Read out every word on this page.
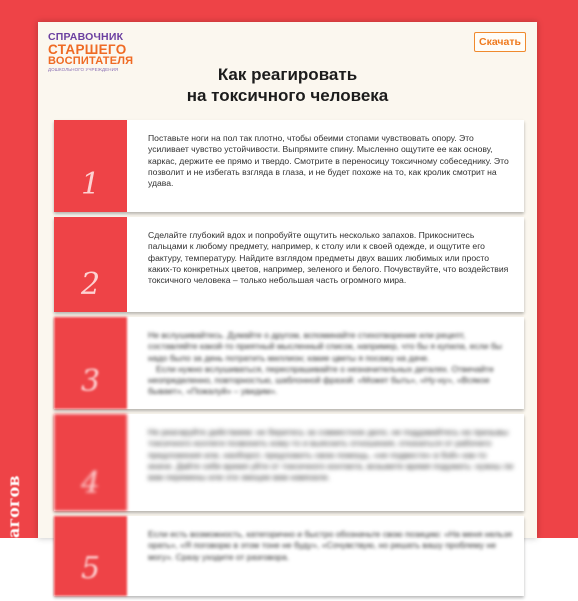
агогов
СПРАВОЧНИК
СТАРШЕГО
ВОСПИТАТЕЛЯ
ДОШКОЛЬНОГО УЧРЕЖДЕНИЯ
Скачать
Как реагировать
на токсичного человека
1

Поставьте ноги на пол так плотно, чтобы обеими стопами чувствовать опору. Это усиливает чувство устойчивости. Выпрямите спину. Мысленно ощутите ее как основу, каркас, держите ее прямо и твердо. Смотрите в переносицу токсичному собеседнику. Это позволит и не избегать взгляда в глаза, и не будет похоже на то, как кролик смотрит на удава.

2

Сделайте глубокий вдох и попробуйте ощутить несколько запахов. Прикоснитесь пальцами к любому предмету, например, к столу или к своей одежде, и ощутите его фактуру, температуру. Найдите взглядом предметы двух ваших любимых или просто каких-то конкретных цветов, например, зеленого и белого. Почувствуйте, что воздействия токсичного человека – только небольшая часть огромного мира.

3

Не вслушивайтесь. Думайте о другом, вспоминайте стихотворение или рецепт, составляйте какой-то приятный мысленный список, например, что бы я купила, если бы надо было за день потратить миллион; какие цветы я посажу на даче.

Если нужно вслушиваться, переспрашивайте о незначительных деталях. Отвечайте неопределенно, повторностью, шаблонной фразой: «Может быть», «Ну-ну», «Всякое бывает», «Пожалуй» – увидим».

4

Не реагируйте действием: не беритесь за совместное дело, не поддавайтесь на призывы токсичного коллеги позвонить кому-то и выяснить отношения, отказаться от рабочего предложения или, наоборот, предложить свою помощь, «не подвести» в бой» как-то иначе. Дайте себе время уйти от токсичного контакта, возьмите время подумать: нужны ли вам перемены или эти эмоции вам навязали.

5

Если есть возможность, категорично и быстро обозначьте свою позицию: «На меня нельзя орать», «Я поговорю в этом тоне не буду», «Сочувствую, но решать вашу проблему не могу». Сразу уходите от разговора.
